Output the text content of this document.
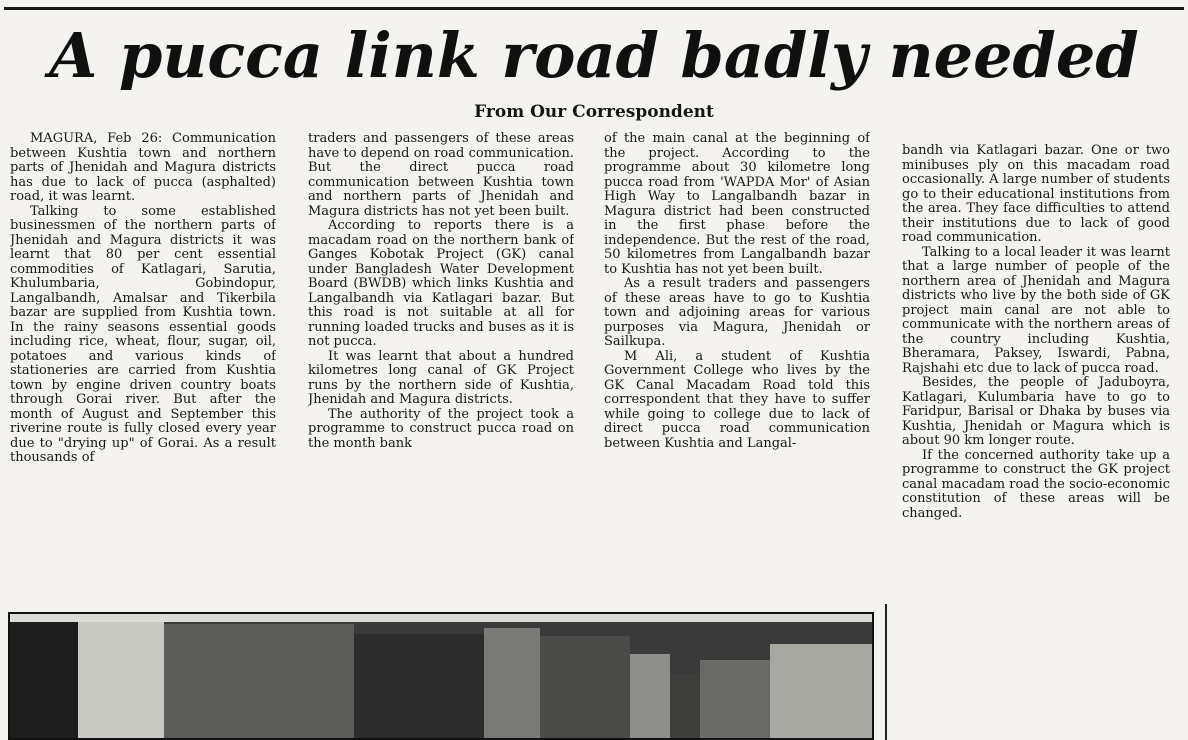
A pucca link road badly needed
From Our Correspondent

MAGURA, Feb 26: Communication between Kushtia town and northern parts of Jhenidah and Magura districts has due to lack of pucca (asphalted) road, it was learnt.

Talking to some established businessmen of the northern parts of Jhenidah and Magura districts it was learnt that 80 per cent essential commodities of Katlagari, Sarutia, Khulumbaria, Gobindopur, Langalbandh, Amalsar and Tikerbila bazar are supplied from Kushtia town. In the rainy seasons essential goods including rice, wheat, flour, sugar, oil, potatoes and various kinds of stationeries are carried from Kushtia town by engine driven country boats through Gorai river. But after the month of August and September this riverine route is fully closed every year due to "drying up" of Gorai. As a result thousands of

traders and passengers of these areas have to depend on road communication. But the direct pucca road communication between Kushtia town and northern parts of Jhenidah and Magura districts has not yet been built.

According to reports there is a macadam road on the northern bank of Ganges Kobotak Project (GK) canal under Bangladesh Water Development Board (BWDB) which links Kushtia and Langalbandh via Katlagari bazar. But this road is not suitable at all for running loaded trucks and buses as it is not pucca.

It was learnt that about a hundred kilometres long canal of GK Project runs by the northern side of Kushtia, Jhenidah and Magura districts.

The authority of the project took a programme to construct pucca road on the month bank

of the main canal at the beginning of the project. According to the programme about 30 kilometre long pucca road from 'WAPDA Mor' of Asian High Way to Langalbandh bazar in Magura district had been constructed in the first phase before the independence. But the rest of the road, 50 kilometres from Langalbandh bazar to Kushtia has not yet been built.

As a result traders and passengers of these areas have to go to Kushtia town and adjoining areas for various purposes via Magura, Jhenidah or Sailkupa.

M Ali, a student of Kushtia Government College who lives by the GK Canal Macadam Road told this correspondent that they have to suffer while going to college due to lack of direct pucca road communication between Kushtia and Langal-

bandh via Katlagari bazar. One or two minibuses ply on this macadam road occasionally. A large number of students go to their educational institutions from the area. They face difficulties to attend their institutions due to lack of good road communication.

Talking to a local leader it was learnt that a large number of people of the northern area of Jhenidah and Magura districts who live by the both side of GK project main canal are not able to communicate with the northern areas of the country including Kushtia, Bheramara, Paksey, Iswardi, Pabna, Rajshahi etc due to lack of pucca road.

Besides, the people of Jaduboyra, Katlagari, Kulumbaria have to go to Faridpur, Barisal or Dhaka by buses via Kushtia, Jhenidah or Magura which is about 90 km longer route.

If the concerned authority take up a programme to construct the GK project canal macadam road the socio-economic constitution of these areas will be changed.
